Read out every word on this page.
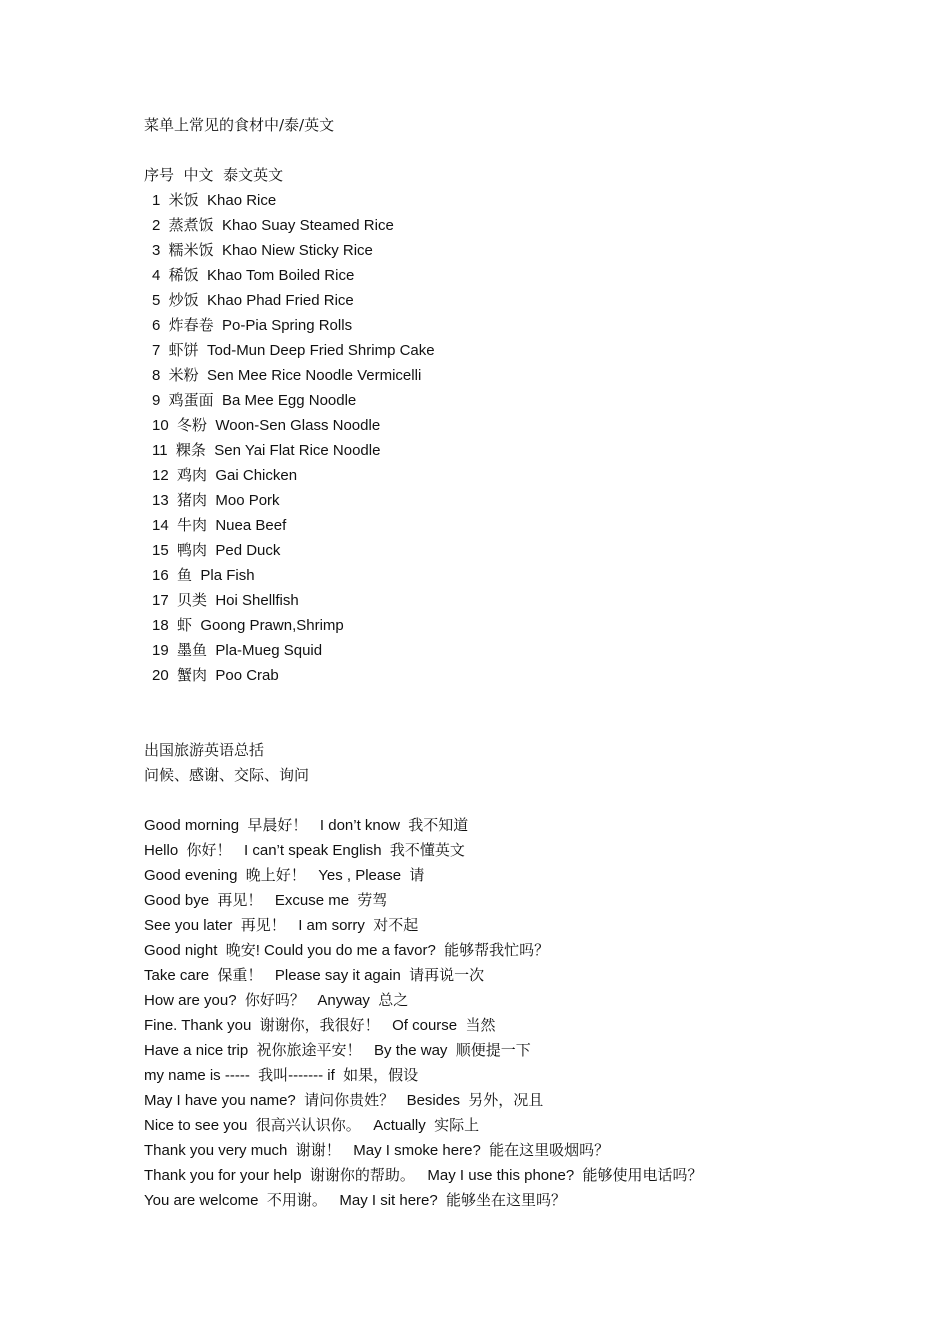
菜单上常见的食材中/泰/英文
序号  中文  泰文英文
1  米饭  Khao Rice
2  蒸煮饭  Khao Suay Steamed Rice
3  糯米饭  Khao Niew Sticky Rice
4  稀饭  Khao Tom Boiled Rice
5  炒饭  Khao Phad Fried Rice
6  炸春卷  Po-Pia Spring Rolls
7  虾饼  Tod-Mun Deep Fried Shrimp Cake
8  米粉  Sen Mee Rice Noodle Vermicelli
9  鸡蛋面  Ba Mee Egg Noodle
10  冬粉  Woon-Sen Glass Noodle
11  粿条  Sen Yai Flat Rice Noodle
12  鸡肉  Gai Chicken
13  猪肉  Moo Pork
14  牛肉  Nuea Beef
15  鸭肉  Ped Duck
16  鱼  Pla Fish
17  贝类  Hoi Shellfish
18  虾  Goong Prawn,Shrimp
19  墨鱼  Pla-Mueg Squid
20  蟹肉  Poo Crab
出国旅游英语总括
问候、感谢、交际、询问
Good morning  早晨好！   I don’t know  我不知道
Hello  你好！   I can’t speak English  我不懂英文
Good evening  晚上好！   Yes , Please  请
Good bye  再见！   Excuse me  劳驾
See you later  再见！   I am sorry  对不起
Good night  晚安! Could you do me a favor?  能够帮我忙吗？
Take care  保重！   Please say it again  请再说一次
How are you?  你好吗？   Anyway  总之
Fine. Thank you  谢谢你，我很好！   Of course  当然
Have a nice trip  祝你旅途平安！   By the way  顺便提一下
my name is -----  我叫------- if  如果，假设
May I have you name?  请问你贵姓？   Besides  另外，况且
Nice to see you  很高兴认识你。   Actually  实际上
Thank you very much  谢谢！   May I smoke here?  能在这里吸烟吗？
Thank you for your help  谢谢你的帮助。   May I use this phone?  能够使用电话吗？
You are welcome  不用谢。   May I sit here?  能够坐在这里吗？
